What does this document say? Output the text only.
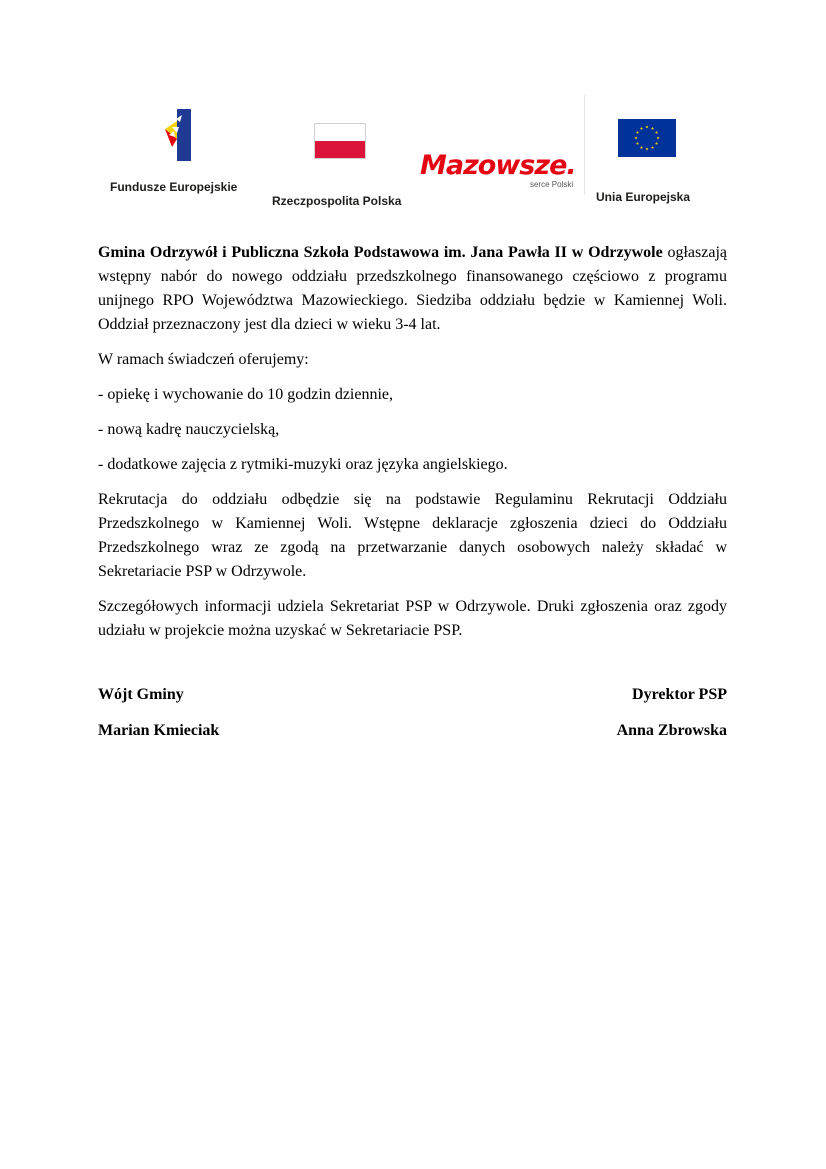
Fundusze Europejskie
Rzeczpospolita Polska
Mazowsze.
serce Polski
Unia Europejska

Gmina Odrzywół i Publiczna Szkoła Podstawowa im. Jana Pawła II w Odrzywole ogłaszają wstępny nabór do nowego oddziału przedszkolnego finansowanego częściowo z programu unijnego RPO Województwa Mazowieckiego. Siedziba oddziału będzie w Kamiennej Woli. Oddział przeznaczony jest dla dzieci w wieku 3-4 lat.

W ramach świadczeń oferujemy:

- opiekę i wychowanie do 10 godzin dziennie,

- nową kadrę nauczycielską,

- dodatkowe zajęcia z rytmiki-muzyki oraz języka angielskiego.

Rekrutacja do oddziału odbędzie się na podstawie Regulaminu Rekrutacji Oddziału Przedszkolnego w Kamiennej Woli. Wstępne deklaracje zgłoszenia dzieci do Oddziału Przedszkolnego wraz ze zgodą na przetwarzanie danych osobowych należy składać w Sekretariacie PSP w Odrzywole.

Szczegółowych informacji udziela Sekretariat PSP w Odrzywole. Druki zgłoszenia oraz zgody udziału w projekcie można uzyskać w Sekretariacie PSP.

Wójt Gminy
Marian Kmieciak
Dyrektor PSP
Anna Zbrowska
